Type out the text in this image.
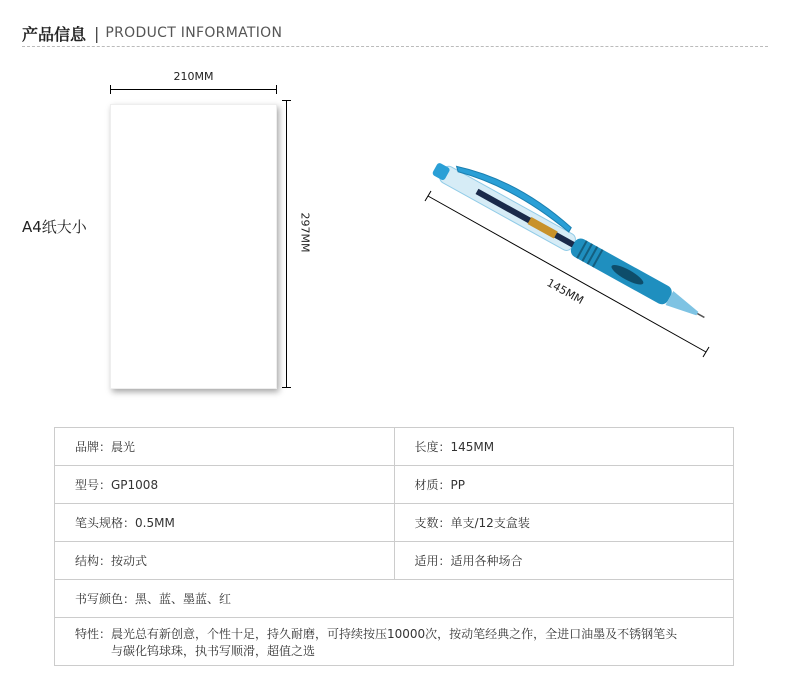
产品信息 | PRODUCT INFORMATION
210MM
297MM
A4纸大小
145MM
品牌：晨光	长度：145MM
型号：GP1008	材质：PP
笔头规格：0.5MM	支数：单支/12支盒装
结构：按动式	适用：适用各种场合
书写颜色：黑、蓝、墨蓝、红	

特性：晨光总有新创意，个性十足，持久耐磨，可持续按压10000次，按动笔经典之作，全进口油墨及不锈钢笔头
与碳化钨球珠，执书写顺滑，超值之选	
